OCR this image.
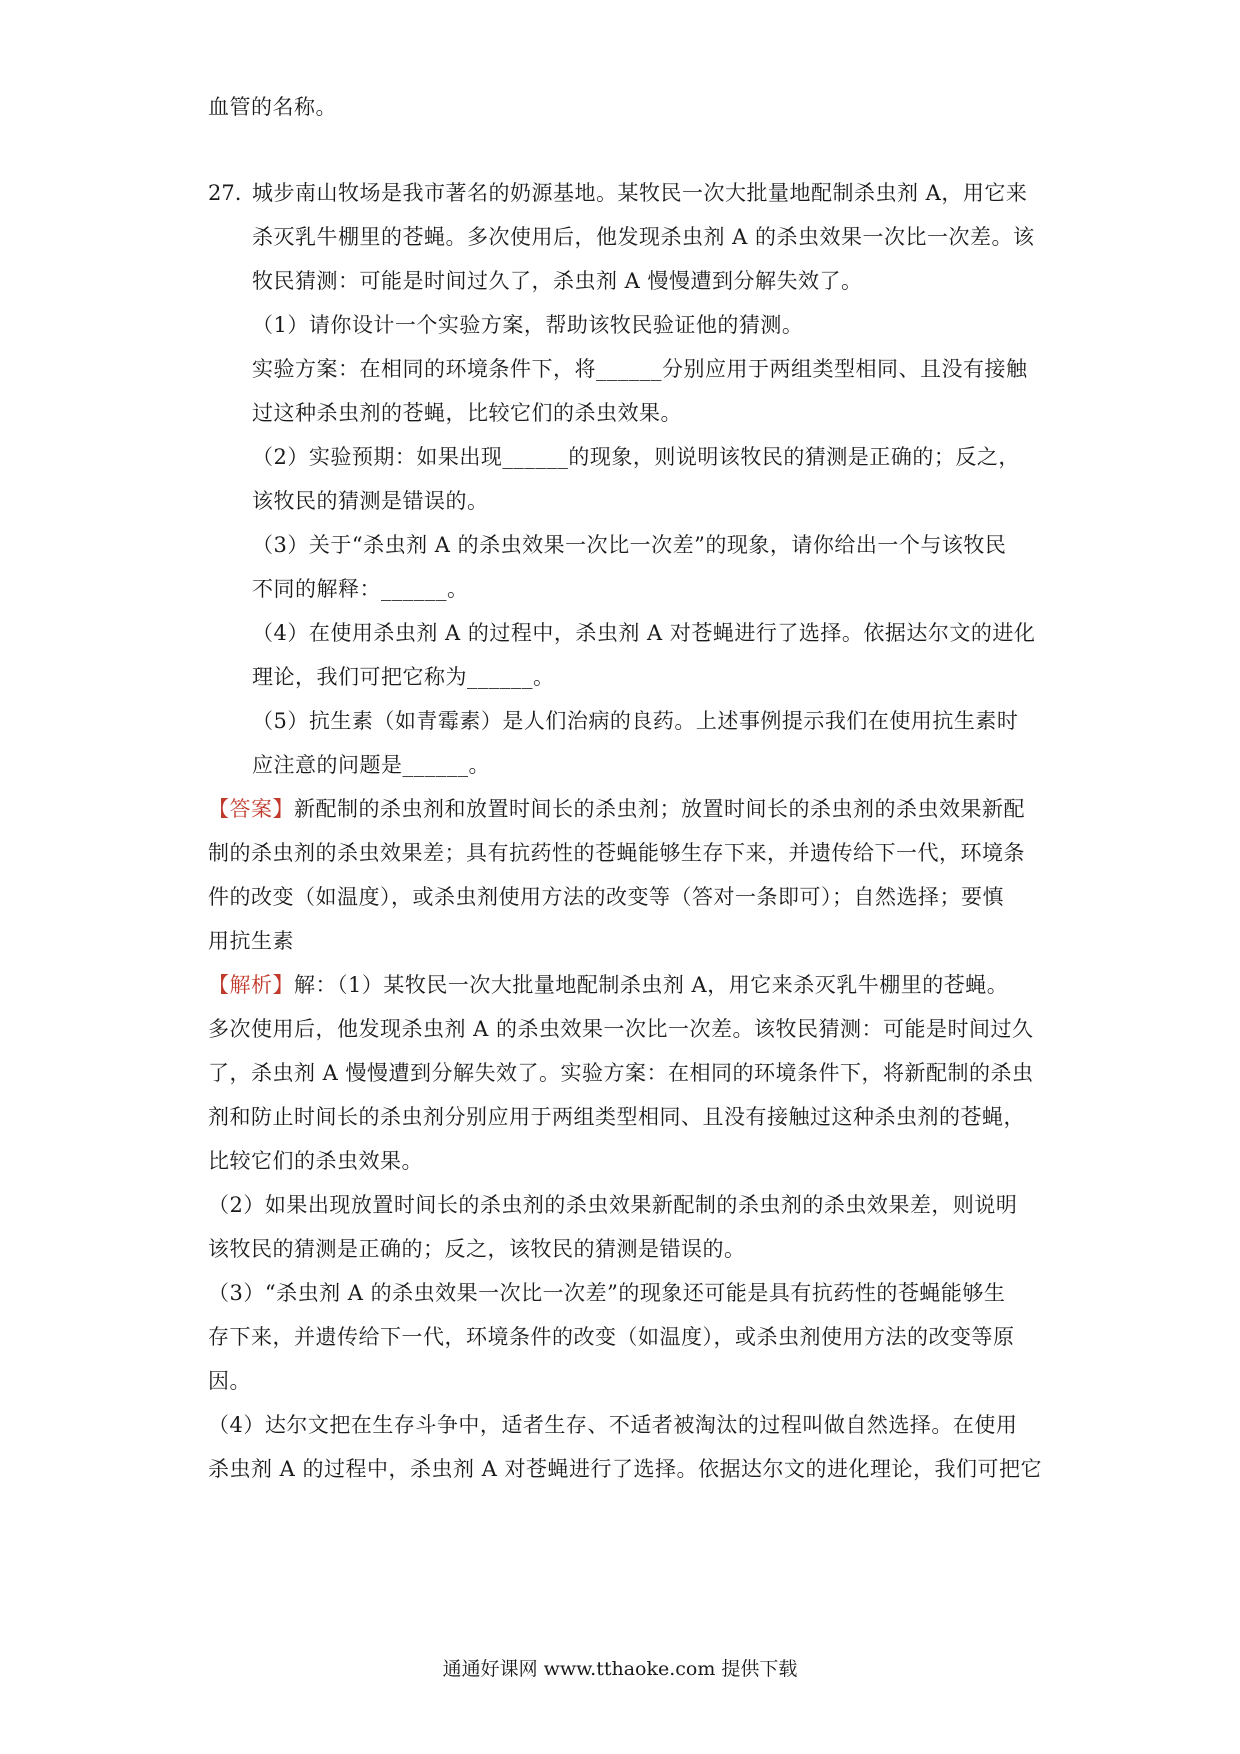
血管的名称。
27. 城步南山牧场是我市著名的奶源基地。某牧民一次大批量地配制杀虫剂 A，用它来
杀灭乳牛棚里的苍蝇。多次使用后，他发现杀虫剂 A 的杀虫效果一次比一次差。该
牧民猜测：可能是时间过久了，杀虫剂 A 慢慢遭到分解失效了。
（1）请你设计一个实验方案，帮助该牧民验证他的猜测。
实验方案：在相同的环境条件下，将______分别应用于两组类型相同、且没有接触
过这种杀虫剂的苍蝇，比较它们的杀虫效果。
（2）实验预期：如果出现______的现象，则说明该牧民的猜测是正确的；反之，
该牧民的猜测是错误的。
（3）关于“杀虫剂 A 的杀虫效果一次比一次差”的现象，请你给出一个与该牧民
不同的解释：______。
（4）在使用杀虫剂 A 的过程中，杀虫剂 A 对苍蝇进行了选择。依据达尔文的进化
理论，我们可把它称为______。
（5）抗生素（如青霉素）是人们治病的良药。上述事例提示我们在使用抗生素时
应注意的问题是______。
【答案】新配制的杀虫剂和放置时间长的杀虫剂；放置时间长的杀虫剂的杀虫效果新配
制的杀虫剂的杀虫效果差；具有抗药性的苍蝇能够生存下来，并遗传给下一代，环境条
件的改变（如温度），或杀虫剂使用方法的改变等（答对一条即可）；自然选择；要慎
用抗生素
【解析】解：（1）某牧民一次大批量地配制杀虫剂 A，用它来杀灭乳牛棚里的苍蝇。
多次使用后，他发现杀虫剂 A 的杀虫效果一次比一次差。该牧民猜测：可能是时间过久
了，杀虫剂 A 慢慢遭到分解失效了。实验方案：在相同的环境条件下，将新配制的杀虫
剂和防止时间长的杀虫剂分别应用于两组类型相同、且没有接触过这种杀虫剂的苍蝇，
比较它们的杀虫效果。
（2）如果出现放置时间长的杀虫剂的杀虫效果新配制的杀虫剂的杀虫效果差，则说明
该牧民的猜测是正确的；反之，该牧民的猜测是错误的。
（3）“杀虫剂 A 的杀虫效果一次比一次差”的现象还可能是具有抗药性的苍蝇能够生
存下来，并遗传给下一代，环境条件的改变（如温度），或杀虫剂使用方法的改变等原
因。
（4）达尔文把在生存斗争中，适者生存、不适者被淘汰的过程叫做自然选择。在使用
杀虫剂 A 的过程中，杀虫剂 A 对苍蝇进行了选择。依据达尔文的进化理论，我们可把它
通通好课网 www.tthaoke.com 提供下载
